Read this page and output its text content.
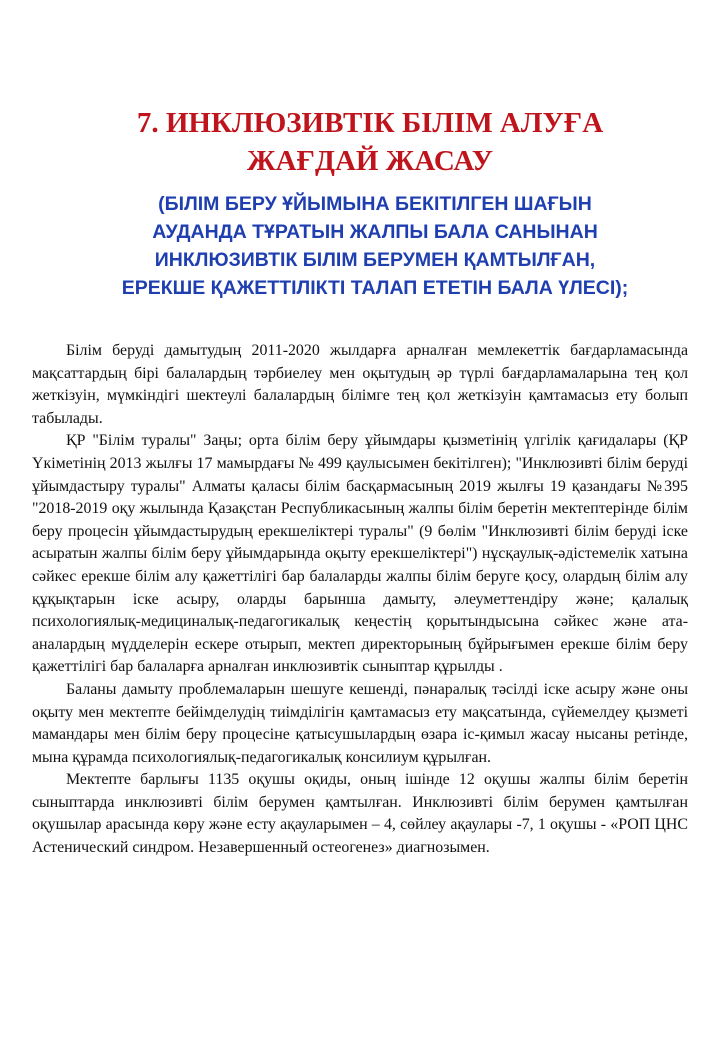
7. ИНКЛЮЗИВТІК БІЛІМ АЛУҒА
ЖАҒДАЙ ЖАСАУ
(БІЛІМ БЕРУ ҰЙЫМЫНА БЕКІТІЛГЕН ШАҒЫН
АУДАНДА ТҰРАТЫН ЖАЛПЫ БАЛА САНЫНАН
ИНКЛЮЗИВТІК БІЛІМ БЕРУМЕН ҚАМТЫЛҒАН,
ЕРЕКШЕ ҚАЖЕТТІЛІКТІ ТАЛАП ЕТЕТІН БАЛА ҮЛЕСІ);

Білім беруді дамытудың 2011-2020 жылдарға арналған мемлекеттік бағдарламасында мақсаттардың бірі балалардың тәрбиелеу мен оқытудың әр түрлі бағдарламаларына тең қол жеткізуін, мүмкіндігі шектеулі балалардың білімге тең қол жеткізуін қамтамасыз ету болып табылады.

ҚР "Білім туралы" Заңы; орта білім беру ұйымдары қызметінің үлгілік қағидалары (ҚР Үкіметінің 2013 жылғы 17 мамырдағы № 499 қаулысымен бекітілген); "Инклюзивті білім беруді ұйымдастыру туралы" Алматы қаласы білім басқармасының 2019 жылғы 19 қазандағы №395 "2018-2019 оқу жылында Қазақстан Республикасының жалпы білім беретін мектептерінде білім беру процесін ұйымдастырудың ерекшеліктері туралы" (9 бөлім "Инклюзивті білім беруді іске асыратын жалпы білім беру ұйымдарында оқыту ерекшеліктері") нұсқаулық-әдістемелік хатына сәйкес ерекше білім алу қажеттілігі бар балаларды жалпы білім беруге қосу, олардың білім алу құқықтарын іске асыру, оларды барынша дамыту, әлеуметтендіру және; қалалық психологиялық-медициналық-педагогикалық кеңестің қорытындысына сәйкес және ата-аналардың мүдделерін ескере отырып, мектеп директорының бұйрығымен ерекше білім беру қажеттілігі бар балаларға арналған инклюзивтік сыныптар құрылды .

Баланы дамыту проблемаларын шешуге кешенді, пәнаралық тәсілді іске асыру және оны оқыту мен мектепте бейімделудің тиімділігін қамтамасыз ету мақсатында, сүйемелдеу қызметі мамандары мен білім беру процесіне қатысушылардың өзара іс-қимыл жасау нысаны ретінде, мына құрамда психологиялық-педагогикалық консилиум құрылған.

Мектепте барлығы 1135 оқушы оқиды, оның ішінде 12 оқушы жалпы білім беретін сыныптарда инклюзивті білім берумен қамтылған. Инклюзивті білім берумен қамтылған оқушылар арасында көру және есту ақауларымен – 4, сөйлеу ақаулары -7, 1 оқушы - «РОП ЦНС Астенический синдром. Незавершенный остеогенез» диагнозымен.
